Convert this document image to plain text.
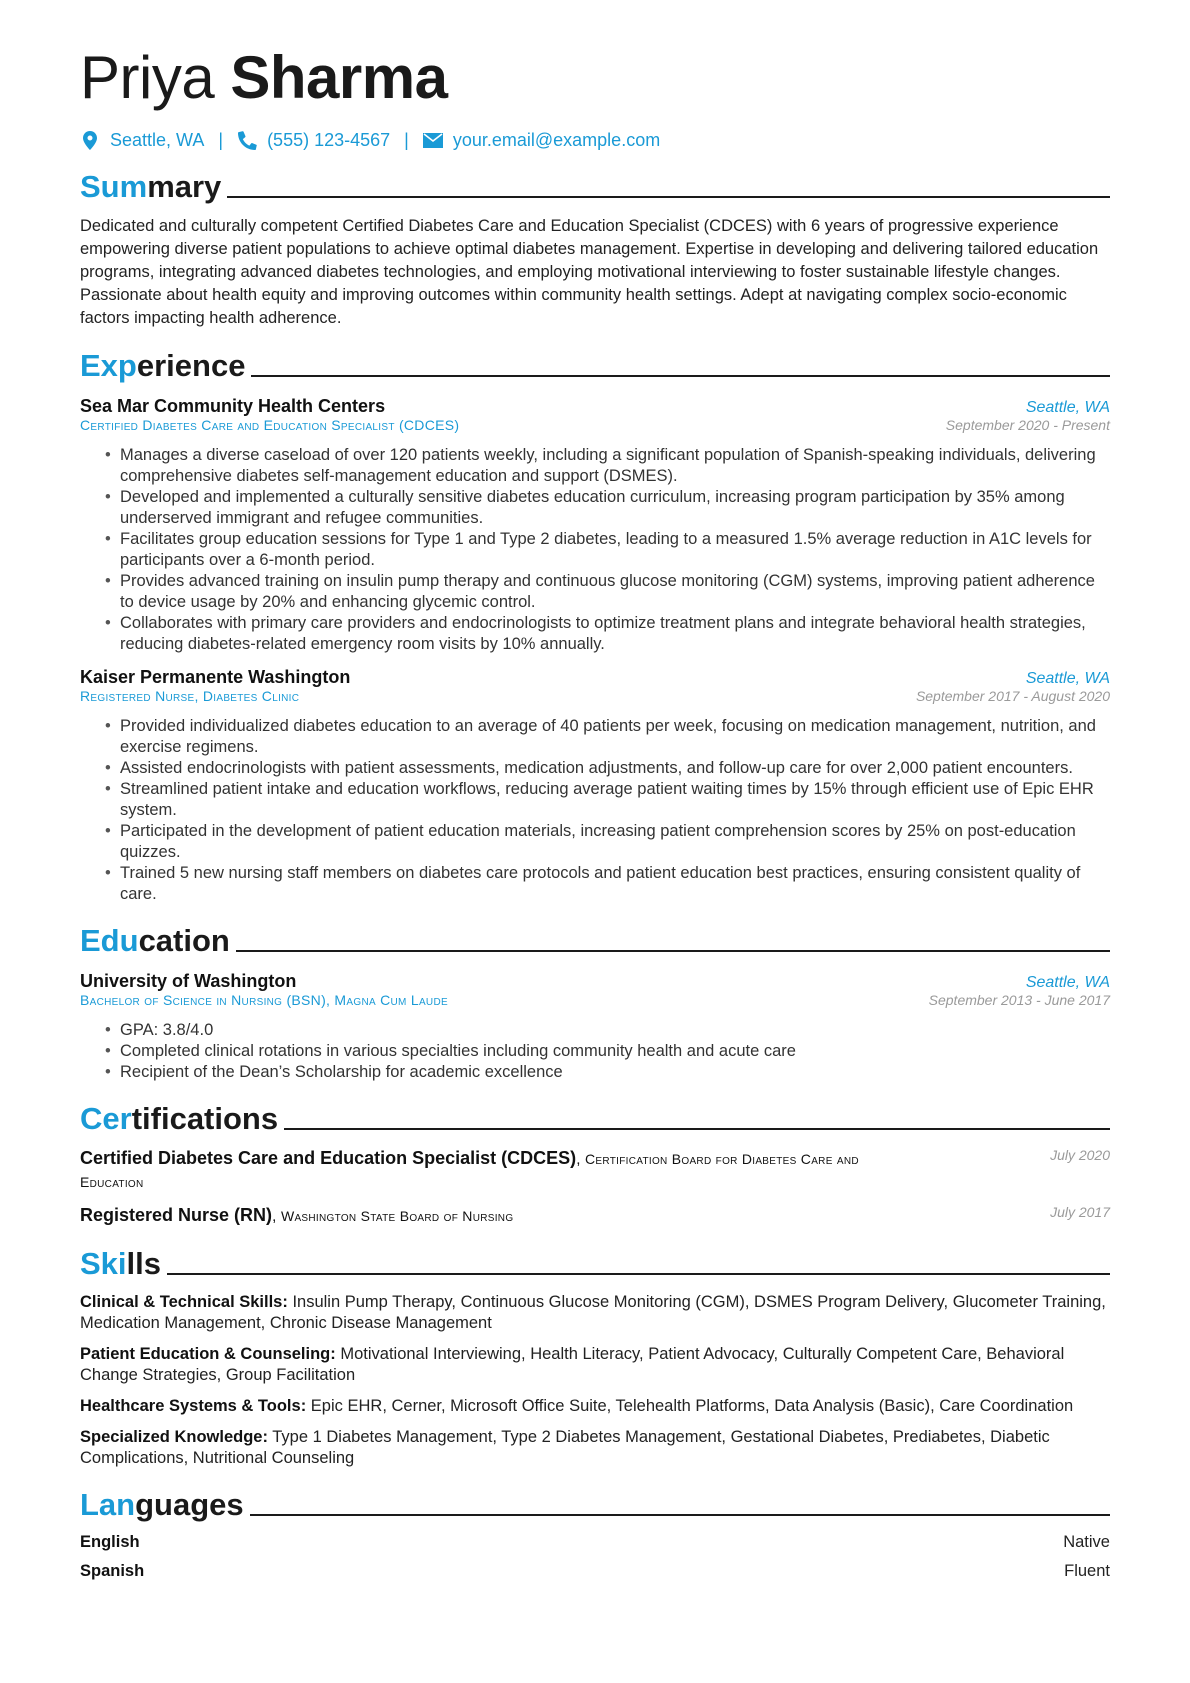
Priya Sharma
Seattle, WA | (555) 123-4567 | your.email@example.com
Summary
Dedicated and culturally competent Certified Diabetes Care and Education Specialist (CDCES) with 6 years of progressive experience empowering diverse patient populations to achieve optimal diabetes management. Expertise in developing and delivering tailored education programs, integrating advanced diabetes technologies, and employing motivational interviewing to foster sustainable lifestyle changes. Passionate about health equity and improving outcomes within community health settings. Adept at navigating complex socio-economic factors impacting health adherence.
Experience
Sea Mar Community Health Centers	Seattle, WA
Certified Diabetes Care and Education Specialist (CDCES)	September 2020 - Present
• Manages a diverse caseload of over 120 patients weekly, including a significant population of Spanish-speaking individuals, delivering comprehensive diabetes self-management education and support (DSMES).
• Developed and implemented a culturally sensitive diabetes education curriculum, increasing program participation by 35% among underserved immigrant and refugee communities.
• Facilitates group education sessions for Type 1 and Type 2 diabetes, leading to a measured 1.5% average reduction in A1C levels for participants over a 6-month period.
• Provides advanced training on insulin pump therapy and continuous glucose monitoring (CGM) systems, improving patient adherence to device usage by 20% and enhancing glycemic control.
• Collaborates with primary care providers and endocrinologists to optimize treatment plans and integrate behavioral health strategies, reducing diabetes-related emergency room visits by 10% annually.
Kaiser Permanente Washington	Seattle, WA
Registered Nurse, Diabetes Clinic	September 2017 - August 2020
• Provided individualized diabetes education to an average of 40 patients per week, focusing on medication management, nutrition, and exercise regimens.
• Assisted endocrinologists with patient assessments, medication adjustments, and follow-up care for over 2,000 patient encounters.
• Streamlined patient intake and education workflows, reducing average patient waiting times by 15% through efficient use of Epic EHR system.
• Participated in the development of patient education materials, increasing patient comprehension scores by 25% on post-education quizzes.
• Trained 5 new nursing staff members on diabetes care protocols and patient education best practices, ensuring consistent quality of care.
Education
University of Washington	Seattle, WA
Bachelor of Science in Nursing (BSN), Magna Cum Laude	September 2013 - June 2017
• GPA: 3.8/4.0
• Completed clinical rotations in various specialties including community health and acute care
• Recipient of the Dean’s Scholarship for academic excellence
Certifications
Certified Diabetes Care and Education Specialist (CDCES), Certification Board for Diabetes Care and Education
July 2020
Registered Nurse (RN), Washington State Board of Nursing	July 2017
Skills
Clinical & Technical Skills: Insulin Pump Therapy, Continuous Glucose Monitoring (CGM), DSMES Program Delivery, Glucometer Training, Medication Management, Chronic Disease Management
Patient Education & Counseling: Motivational Interviewing, Health Literacy, Patient Advocacy, Culturally Competent Care, Behavioral Change Strategies, Group Facilitation
Healthcare Systems & Tools: Epic EHR, Cerner, Microsoft Office Suite, Telehealth Platforms, Data Analysis (Basic), Care Coordination
Specialized Knowledge: Type 1 Diabetes Management, Type 2 Diabetes Management, Gestational Diabetes, Prediabetes, Diabetic Complications, Nutritional Counseling
Languages
English	Native
Spanish	Fluent
